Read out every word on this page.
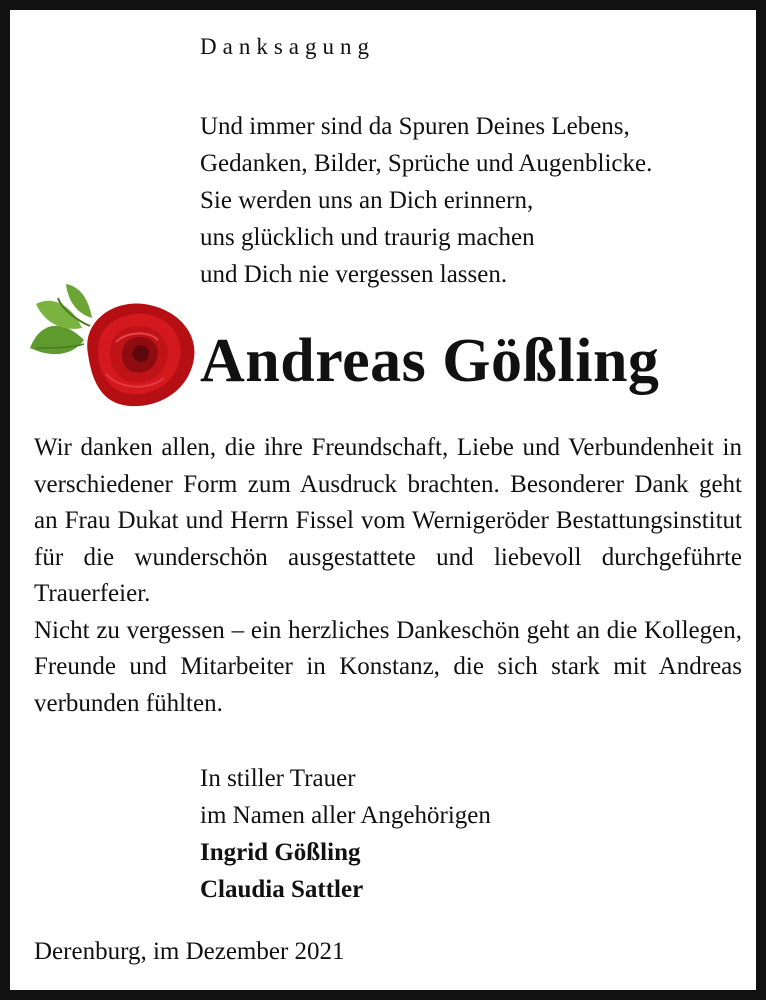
Danksagung
Und immer sind da Spuren Deines Lebens,
Gedanken, Bilder, Sprüche und Augenblicke.
Sie werden uns an Dich erinnern,
uns glücklich und traurig machen
und Dich nie vergessen lassen.
Andreas Gößling

Wir danken allen, die ihre Freundschaft, Liebe und Verbundenheit in verschiedener Form zum Ausdruck brachten. Besonderer Dank geht an Frau Dukat und Herrn Fissel vom Wernigeröder Bestattungsinstitut für die wunderschön ausgestattete und liebevoll durchgeführte Trauerfeier.

Nicht zu vergessen – ein herzliches Dankeschön geht an die Kollegen, Freunde und Mitarbeiter in Konstanz, die sich stark mit Andreas verbunden fühlten.

In stiller Trauer
im Namen aller Angehörigen
Ingrid Gößling
Claudia Sattler
Derenburg, im Dezember 2021
